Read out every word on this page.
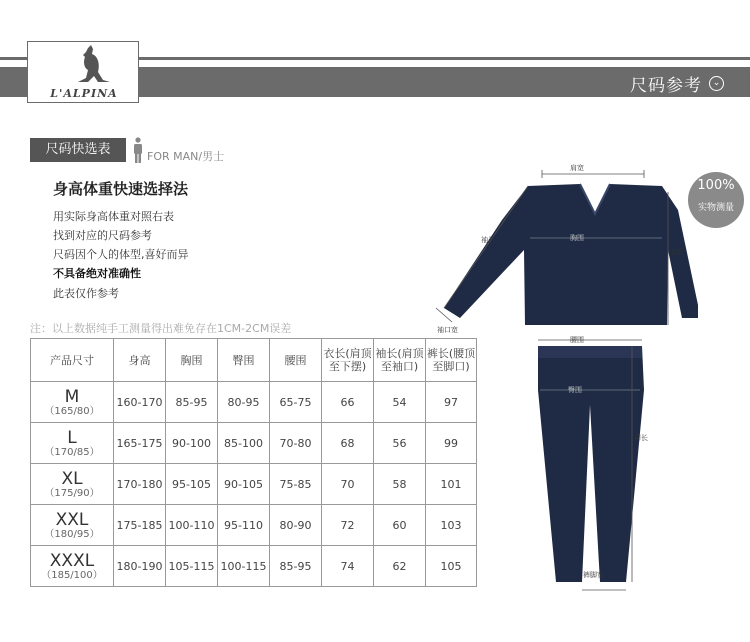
尺码参考	⌄
L'ALPINA
尺码快选表	FOR MAN/男士
身高体重快速选择法
用实际身高体重对照右表
找到对应的尺码参考
尺码因个人的体型,喜好而异
不具备绝对准确性
此表仅作参考
注：以上数据纯手工测量得出难免存在1CM-2CM误差
产品尺寸	身高	胸围	臀围	腰围	衣长(肩顶至下摆)	袖长(肩顶至袖口)	裤长(腰顶至脚口)

M
（165/80）	160-170	85-95	80-95	65-75	66	54	97

L
（170/85）	165-175	90-100	85-100	70-80	68	56	99

XL
（175/90）	170-180	95-105	90-105	75-85	70	58	101

XXL
（180/95）	175-185	100-110	95-110	80-90	72	60	103

XXXL
（185/100）	180-190	105-115	100-115	85-95	74	62	105
肩宽
袖长	胸围
衣长
袖口宽
腰围
臀围
裤长
裤脚宽
100%
实物测量
